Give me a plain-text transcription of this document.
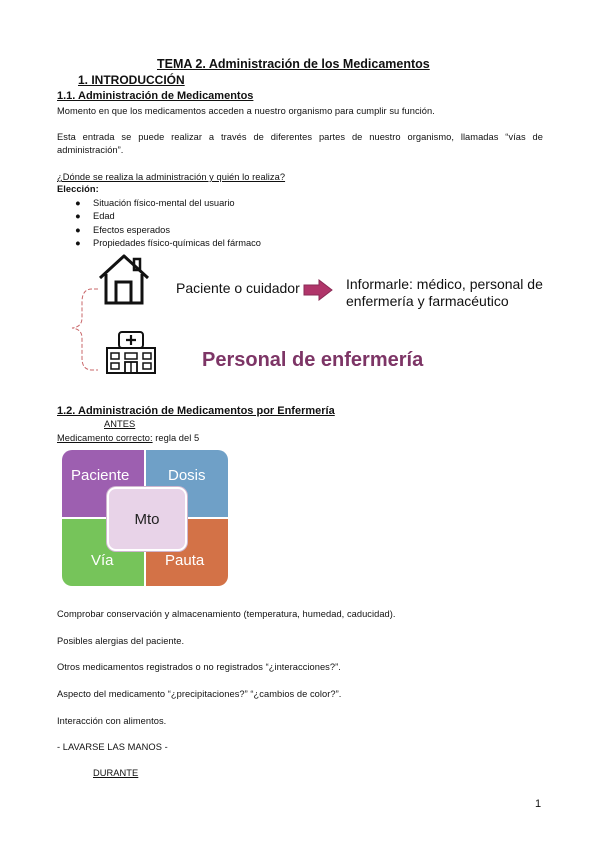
TEMA 2. Administración de los Medicamentos
1. INTRODUCCIÓN
1.1. Administración de Medicamentos
Momento en que los medicamentos acceden a nuestro organismo para cumplir su función.
Esta entrada se puede realizar a través de diferentes partes de nuestro organismo, llamadas “vías de
administración”.
¿Dónde se realiza la administración y quién lo realiza?
Elección:
● Situación físico-mental del usuario
● Edad
● Efectos esperados
● Propiedades físico-químicas del fármaco
Paciente o cuidador	Informarle: médico, personal de
enfermería y farmacéutico
Personal de enfermería
1.2. Administración de Medicamentos por Enfermería
ANTES
Medicamento correcto: regla del 5
Paciente	Dosis
Vía	Pauta
Mto
Comprobar conservación y almacenamiento (temperatura, humedad, caducidad).
Posibles alergias del paciente.
Otros medicamentos registrados o no registrados “¿interacciones?”.
Aspecto del medicamento “¿precipitaciones?” “¿cambios de color?”.
Interacción con alimentos.
- LAVARSE LAS MANOS -
DURANTE
1
